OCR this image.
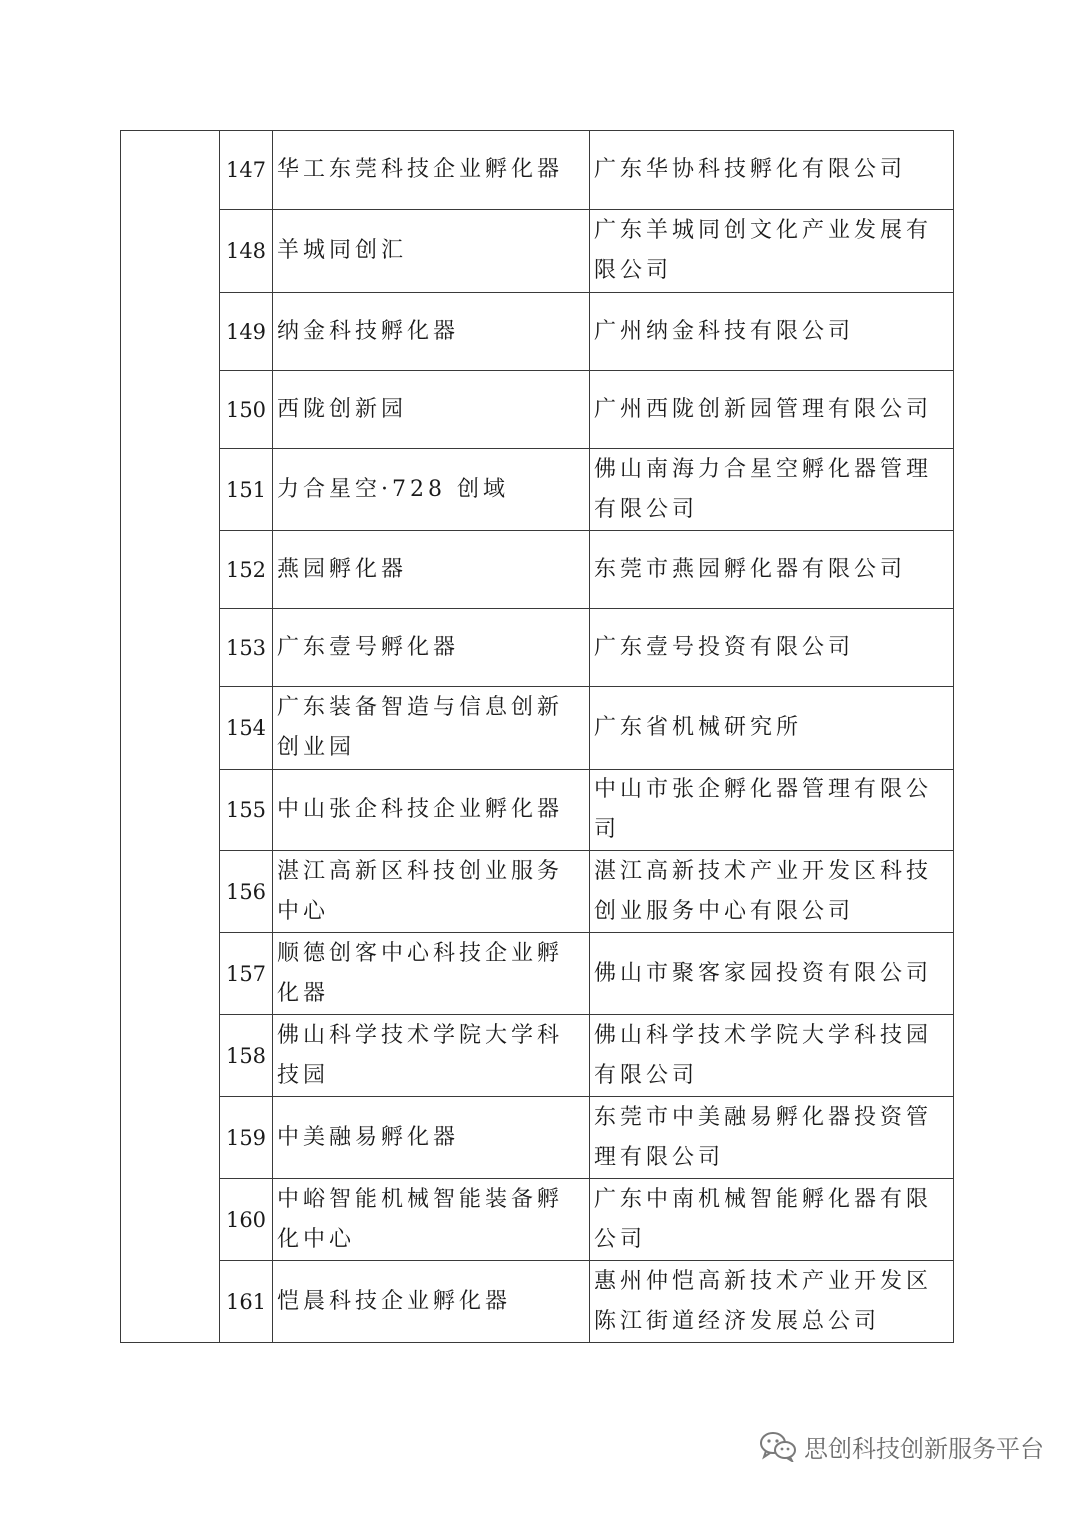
	147	华工东莞科技企业孵化器	广东华协科技孵化有限公司
	148	羊城同创汇	广东羊城同创文化产业发展有限公司
	149	纳金科技孵化器	广州纳金科技有限公司
	150	西陇创新园	广州西陇创新园管理有限公司
	151	力合星空·728 创域	佛山南海力合星空孵化器管理有限公司
	152	燕园孵化器	东莞市燕园孵化器有限公司
	153	广东壹号孵化器	广东壹号投资有限公司
	154	广东装备智造与信息创新创业园	广东省机械研究所
	155	中山张企科技企业孵化器	中山市张企孵化器管理有限公司
	156	湛江高新区科技创业服务中心	湛江高新技术产业开发区科技创业服务中心有限公司
	157	顺德创客中心科技企业孵化器	佛山市聚客家园投资有限公司
	158	佛山科学技术学院大学科技园	佛山科学技术学院大学科技园有限公司
	159	中美融易孵化器	东莞市中美融易孵化器投资管理有限公司
	160	中峪智能机械智能装备孵化中心	广东中南机械智能孵化器有限公司
	161	恺晨科技企业孵化器	惠州仲恺高新技术产业开发区陈江街道经济发展总公司
思创科技创新服务平台
